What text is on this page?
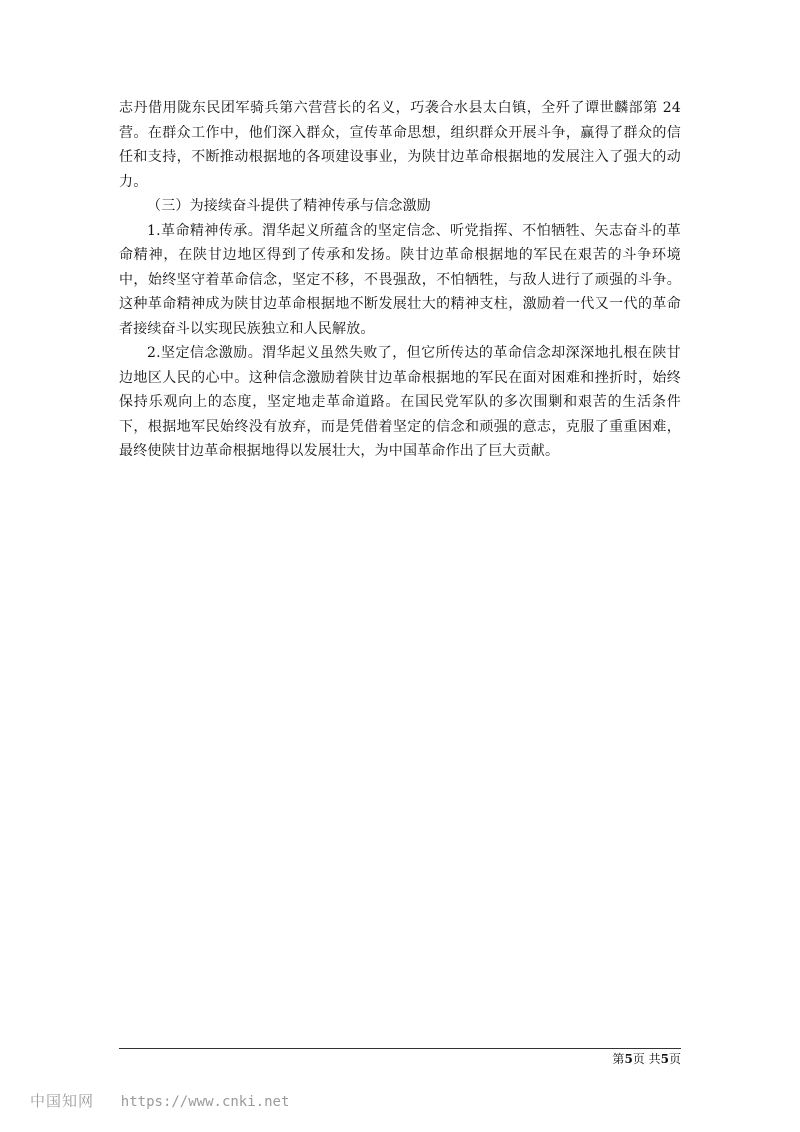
志丹借用陇东民团军骑兵第六营营长的名义，巧袭合水县太白镇，全歼了谭世麟部第 24 营。在群众工作中，他们深入群众，宣传革命思想，组织群众开展斗争，赢得了群众的信任和支持，不断推动根据地的各项建设事业，为陕甘边革命根据地的发展注入了强大的动力。

（三）为接续奋斗提供了精神传承与信念激励

1.革命精神传承。渭华起义所蕴含的坚定信念、听党指挥、不怕牺牲、矢志奋斗的革命精神，在陕甘边地区得到了传承和发扬。陕甘边革命根据地的军民在艰苦的斗争环境中，始终坚守着革命信念，坚定不移，不畏强敌，不怕牺牲，与敌人进行了顽强的斗争。这种革命精神成为陕甘边革命根据地不断发展壮大的精神支柱，激励着一代又一代的革命者接续奋斗以实现民族独立和人民解放。

2.坚定信念激励。渭华起义虽然失败了，但它所传达的革命信念却深深地扎根在陕甘边地区人民的心中。这种信念激励着陕甘边革命根据地的军民在面对困难和挫折时，始终保持乐观向上的态度，坚定地走革命道路。在国民党军队的多次围剿和艰苦的生活条件下，根据地军民始终没有放弃，而是凭借着坚定的信念和顽强的意志，克服了重重困难，最终使陕甘边革命根据地得以发展壮大，为中国革命作出了巨大贡献。

第5页 共5页
中国知网 https://www.cnki.net
